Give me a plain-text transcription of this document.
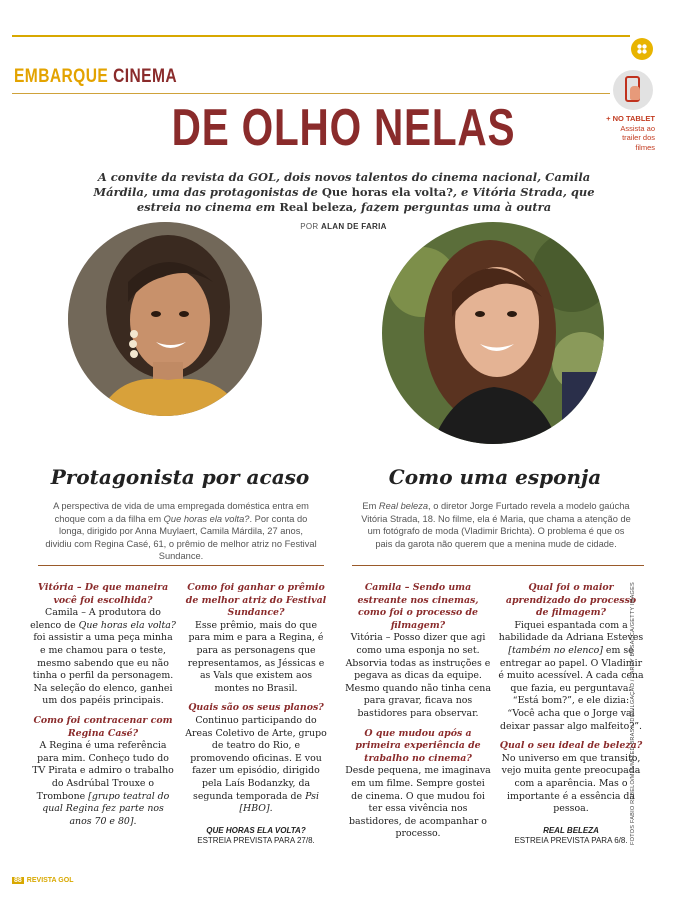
EMBARQUE CINEMA
+ NO TABLET
Assista ao trailer dos filmes
DE OLHO NELAS
A convite da revista da GOL, dois novos talentos do cinema nacional, Camila Márdila, uma das protagonistas de Que horas ela volta?, e Vitória Strada, que estreia no cinema em Real beleza, fazem perguntas uma à outra
POR ALAN DE FARIA
Protagonista por acaso	Como uma esponja
A perspectiva de vida de uma empregada doméstica entra em choque com a da filha em Que horas ela volta?. Por conta do longa, dirigido por Anna Muylaert, Camila Márdila, 27 anos, dividiu com Regina Casé, 61, o prêmio de melhor atriz no Festival Sundance.
Em Real beleza, o diretor Jorge Furtado revela a modelo gaúcha Vitória Strada, 18. No filme, ela é Maria, que chama a atenção de um fotógrafo de moda (Vladimir Brichta). O problema é que os pais da garota não querem que a menina mude de cidade.

Vitória – De que maneira você foi escolhida?
Camila – A produtora do elenco de Que horas ela volta? foi assistir a uma peça minha e me chamou para o teste, mesmo sabendo que eu não tinha o perfil da personagem. Na seleção do elenco, ganhei um dos papéis principais.

Como foi contracenar com Regina Casé?
A Regina é uma referência para mim. Conheço tudo do TV Pirata e admiro o trabalho do Asdrúbal Trouxe o Trombone [grupo teatral do qual Regina fez parte nos anos 70 e 80].

Como foi ganhar o prêmio de melhor atriz do Festival Sundance?
Esse prêmio, mais do que para mim e para a Regina, é para as personagens que representamos, as Jéssicas e as Vals que existem aos montes no Brasil.

Quais são os seus planos?
Continuo participando do Areas Coletivo de Arte, grupo de teatro do Rio, e promovendo oficinas. E vou fazer um episódio, dirigido pela Laís Bodanzky, da segunda temporada de Psi [HBO].

QUE HORAS ELA VOLTA?
ESTREIA PREVISTA PARA 27/8.

Camila – Sendo uma estreante nos cinemas, como foi o processo de filmagem?
Vitória – Posso dizer que agi como uma esponja no set. Absorvia todas as instruções e pegava as dicas da equipe. Mesmo quando não tinha cena para gravar, ficava nos bastidores para observar.

O que mudou após a primeira experiência de trabalho no cinema?
Desde pequena, me imaginava em um filme. Sempre gostei de cinema. O que mudou foi ter essa vivência nos bastidores, de acompanhar o processo.

Qual foi o maior aprendizado do processo de filmagem?
Fiquei espantada com a habilidade da Adriana Esteves [também no elenco] em se entregar ao papel. O Vladimir é muito acessível. A cada cena que fazia, eu perguntava: “Está bom?”, e ele dizia: “Você acha que o Jorge vai deixar passar algo malfeito?”.

Qual o seu ideal de beleza?
No universo em que transito, vejo muita gente preocupada com a aparência. Mas o importante é a essência da pessoa.

REAL BELEZA
ESTREIA PREVISTA PARA 6/8. FOTOS FABIO REBELO/M15/MIXED BRASIL/DIVULGAÇÃO / LARRY BUSACCA/GETTY IMAGES
88 REVISTA GOL
